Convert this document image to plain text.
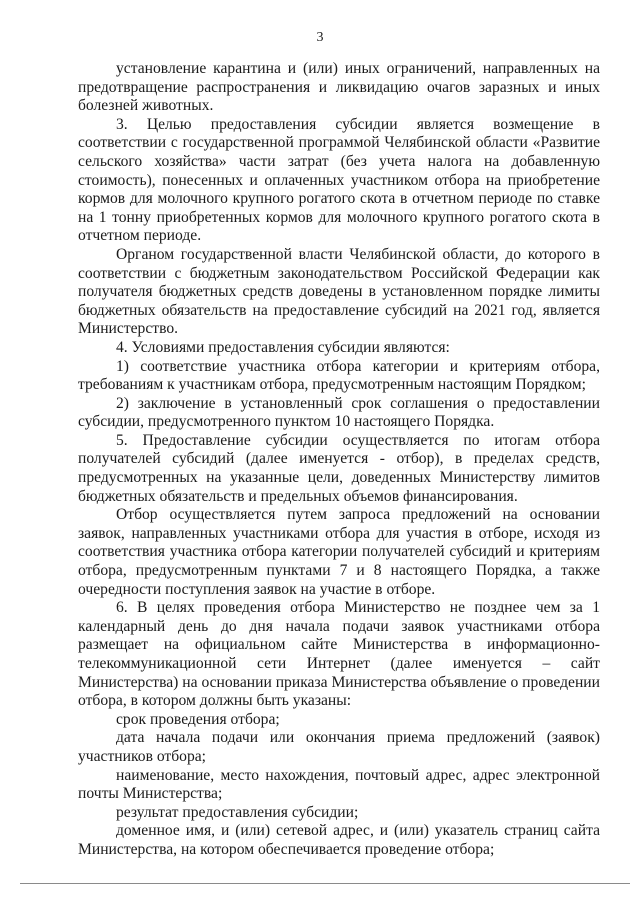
3

установление карантина и (или) иных ограничений, направленных на предотвращение распространения и ликвидацию очагов заразных и иных болезней животных.

3. Целью предоставления субсидии является возмещение в соответствии с государственной программой Челябинской области «Развитие сельского хозяйства» части затрат (без учета налога на добавленную стоимость), понесенных и оплаченных участником отбора на приобретение кормов для молочного крупного рогатого скота в отчетном периоде по ставке на 1 тонну приобретенных кормов для молочного крупного рогатого скота в отчетном периоде.

Органом государственной власти Челябинской области, до которого в соответствии с бюджетным законодательством Российской Федерации как получателя бюджетных средств доведены в установленном порядке лимиты бюджетных обязательств на предоставление субсидий на 2021 год, является Министерство.

4. Условиями предоставления субсидии являются:

1) соответствие участника отбора категории и критериям отбора, требованиям к участникам отбора, предусмотренным настоящим Порядком;

2) заключение в установленный срок соглашения о предоставлении субсидии, предусмотренного пунктом 10 настоящего Порядка.

5. Предоставление субсидии осуществляется по итогам отбора получателей субсидий (далее именуется - отбор), в пределах средств, предусмотренных на указанные цели, доведенных Министерству лимитов бюджетных обязательств и предельных объемов финансирования.

Отбор осуществляется путем запроса предложений на основании заявок, направленных участниками отбора для участия в отборе, исходя из соответствия участника отбора категории получателей субсидий и критериям отбора, предусмотренным пунктами 7 и 8 настоящего Порядка, а также очередности поступления заявок на участие в отборе.

6. В целях проведения отбора Министерство не позднее чем за 1 календарный день до дня начала подачи заявок участниками отбора размещает на официальном сайте Министерства в информационно-телекоммуникационной сети Интернет (далее именуется – сайт Министерства) на основании приказа Министерства объявление о проведении отбора, в котором должны быть указаны:

срок проведения отбора;

дата начала подачи или окончания приема предложений (заявок) участников отбора;

наименование, место нахождения, почтовый адрес, адрес электронной почты Министерства;

результат предоставления субсидии;

доменное имя, и (или) сетевой адрес, и (или) указатель страниц сайта Министерства, на котором обеспечивается проведение отбора;
